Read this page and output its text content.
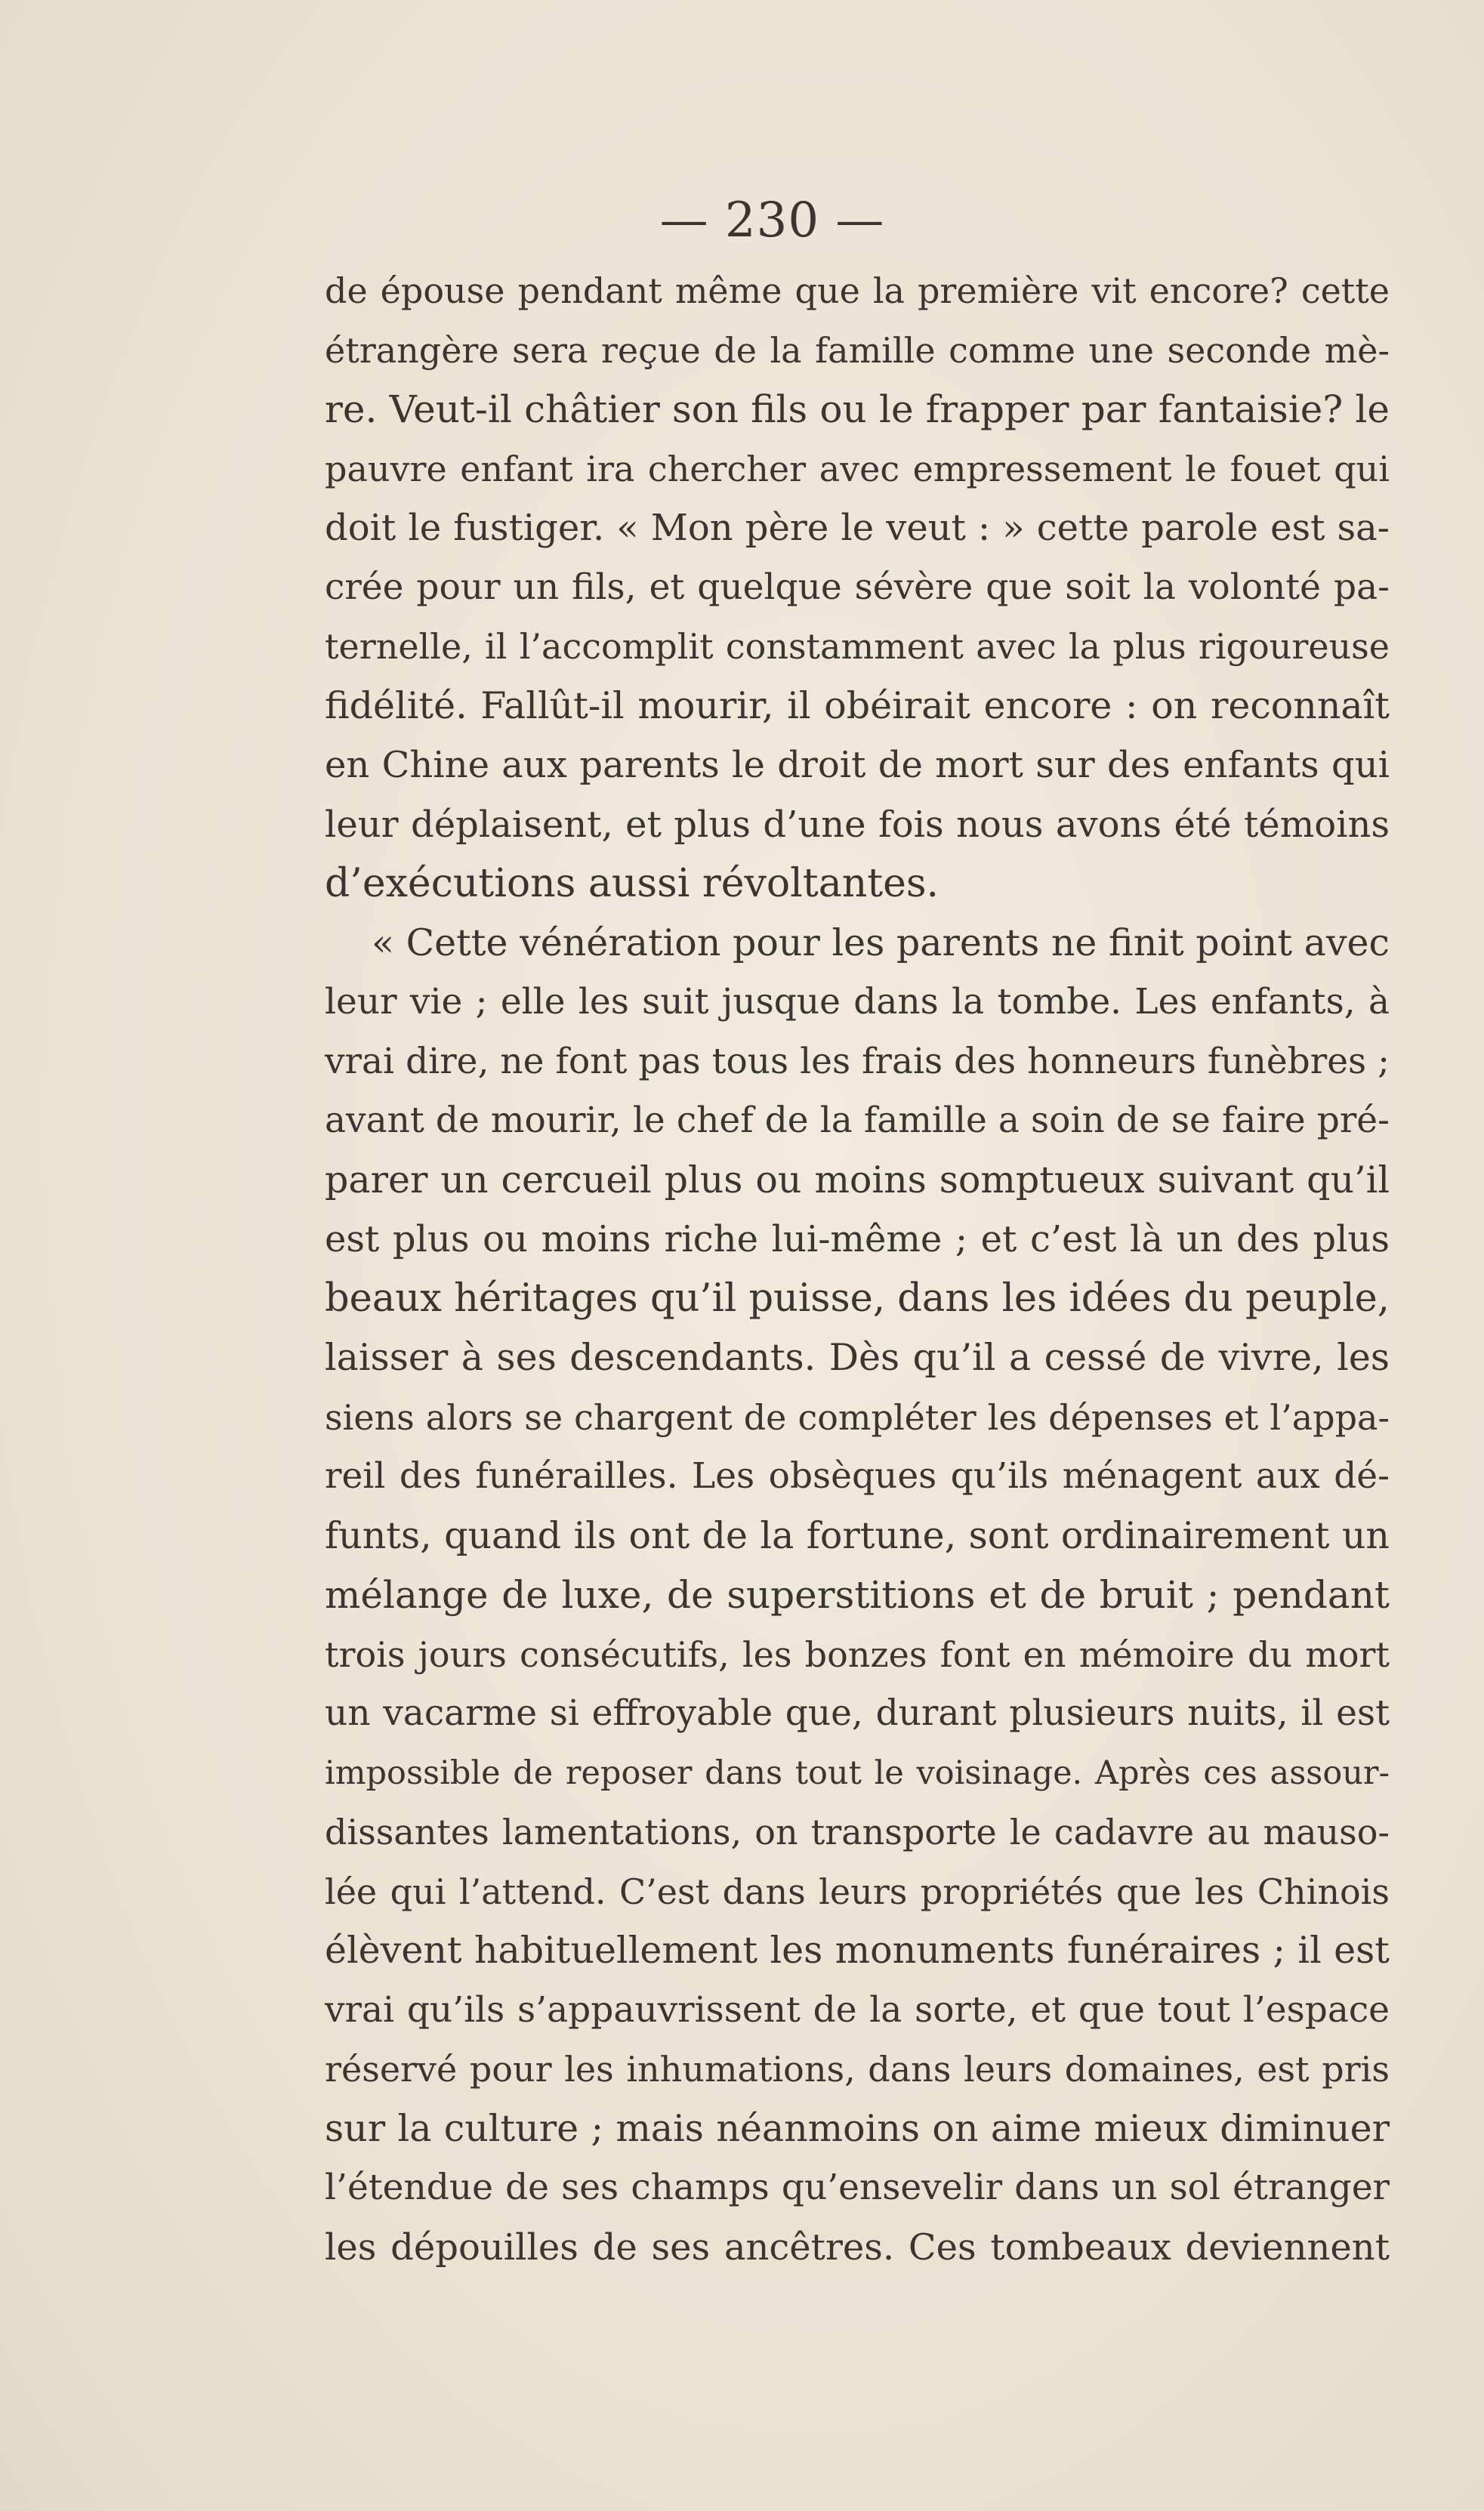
— 230 —
de épouse pendant même que la première vit encore? cette
étrangère sera reçue de la famille comme une seconde mè-
re. Veut-il châtier son fils ou le frapper par fantaisie? le
pauvre enfant ira chercher avec empressement le fouet qui
doit le fustiger. « Mon père le veut : » cette parole est sa-
crée pour un fils, et quelque sévère que soit la volonté pa-
ternelle, il l’accomplit constamment avec la plus rigoureuse
fidélité. Fallût-il mourir, il obéirait encore : on reconnaît
en Chine aux parents le droit de mort sur des enfants qui
leur déplaisent, et plus d’une fois nous avons été témoins
d’exécutions aussi révoltantes.
« Cette vénération pour les parents ne finit point avec
leur vie ; elle les suit jusque dans la tombe. Les enfants, à
vrai dire, ne font pas tous les frais des honneurs funèbres ;
avant de mourir, le chef de la famille a soin de se faire pré-
parer un cercueil plus ou moins somptueux suivant qu’il
est plus ou moins riche lui-même ; et c’est là un des plus
beaux héritages qu’il puisse, dans les idées du peuple,
laisser à ses descendants. Dès qu’il a cessé de vivre, les
siens alors se chargent de compléter les dépenses et l’appa-
reil des funérailles. Les obsèques qu’ils ménagent aux dé-
funts, quand ils ont de la fortune, sont ordinairement un
mélange de luxe, de superstitions et de bruit ; pendant
trois jours consécutifs, les bonzes font en mémoire du mort
un vacarme si effroyable que, durant plusieurs nuits, il est
impossible de reposer dans tout le voisinage. Après ces assour-
dissantes lamentations, on transporte le cadavre au mauso-
lée qui l’attend. C’est dans leurs propriétés que les Chinois
élèvent habituellement les monuments funéraires ; il est
vrai qu’ils s’appauvrissent de la sorte, et que tout l’espace
réservé pour les inhumations, dans leurs domaines, est pris
sur la culture ; mais néanmoins on aime mieux diminuer
l’étendue de ses champs qu’ensevelir dans un sol étranger
les dépouilles de ses ancêtres. Ces tombeaux deviennent
